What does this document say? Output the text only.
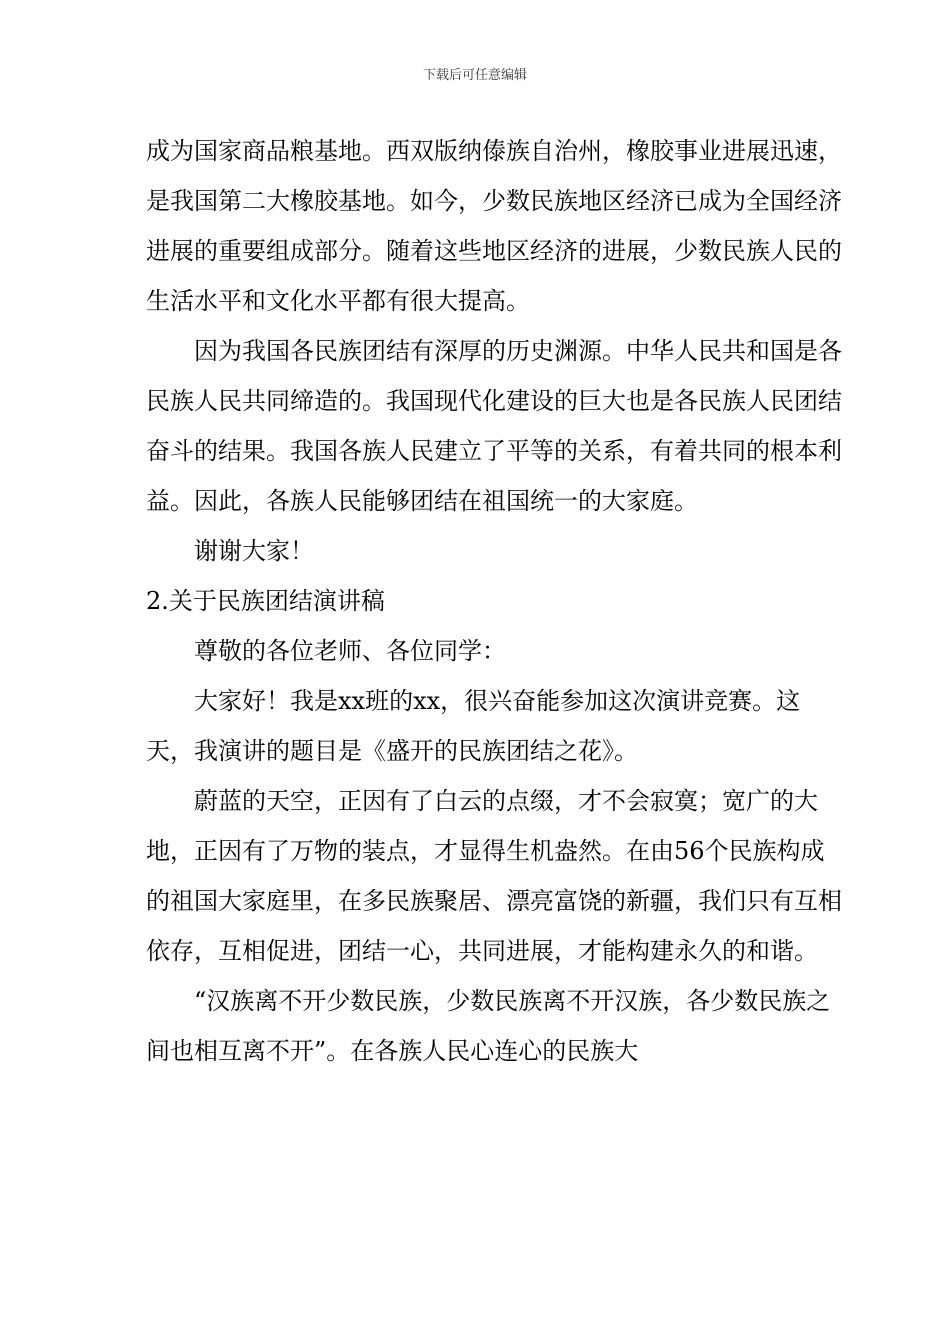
下载后可任意编辑

成为国家商品粮基地。西双版纳傣族自治州，橡胶事业进展迅速，是我国第二大橡胶基地。如今，少数民族地区经济已成为全国经济进展的重要组成部分。随着这些地区经济的进展，少数民族人民的生活水平和文化水平都有很大提高。

因为我国各民族团结有深厚的历史渊源。中华人民共和国是各民族人民共同缔造的。我国现代化建设的巨大也是各民族人民团结奋斗的结果。我国各族人民建立了平等的关系，有着共同的根本利益。因此，各族人民能够团结在祖国统一的大家庭。

谢谢大家！

2.关于民族团结演讲稿

尊敬的各位老师、各位同学：

大家好！我是xx班的xx，很兴奋能参加这次演讲竞赛。这天，我演讲的题目是《盛开的民族团结之花》。

蔚蓝的天空，正因有了白云的点缀，才不会寂寞；宽广的大地，正因有了万物的装点，才显得生机盎然。在由56个民族构成的祖国大家庭里，在多民族聚居、漂亮富饶的新疆，我们只有互相依存，互相促进，团结一心，共同进展，才能构建永久的和谐。

“汉族离不开少数民族，少数民族离不开汉族，各少数民族之间也相互离不开”。在各族人民心连心的民族大
